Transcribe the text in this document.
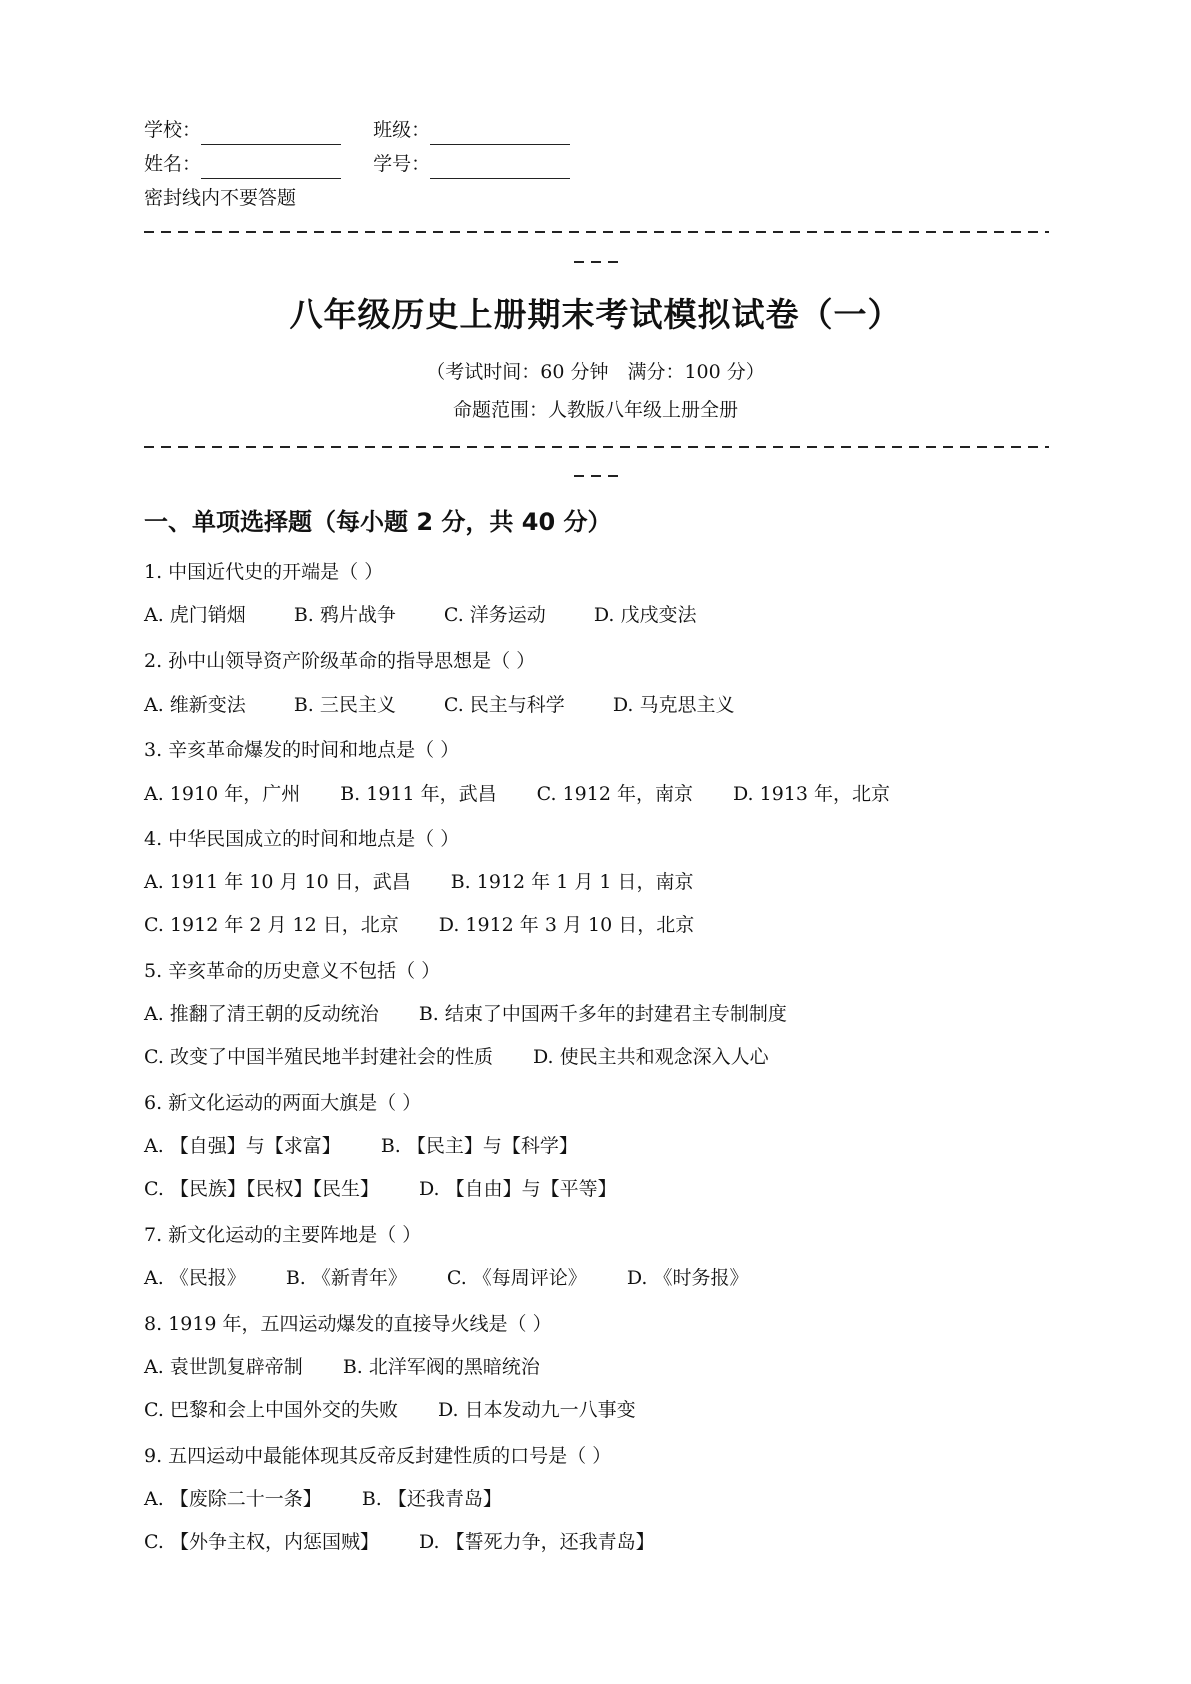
学校：	班级：
姓名：	学号：
密封线内不要答题
八年级历史上册期末考试模拟试卷（一）
（考试时间：60 分钟　满分：100 分）
命题范围：人教版八年级上册全册
一、单项选择题（每小题 2 分，共 40 分）
1. 中国近代史的开端是（ ）
A. 虎门销烟	B. 鸦片战争	C. 洋务运动	D. 戊戌变法
2. 孙中山领导资产阶级革命的指导思想是（ ）
A. 维新变法	B. 三民主义	C. 民主与科学	D. 马克思主义
3. 辛亥革命爆发的时间和地点是（ ）
A. 1910 年，广州 B. 1911 年，武昌 C. 1912 年，南京 D. 1913 年，北京
4. 中华民国成立的时间和地点是（ ）
A. 1911 年 10 月 10 日，武昌 B. 1912 年 1 月 1 日，南京
C. 1912 年 2 月 12 日，北京 D. 1912 年 3 月 10 日，北京
5. 辛亥革命的历史意义不包括（ ）
A. 推翻了清王朝的反动统治 B. 结束了中国两千多年的封建君主专制制度
C. 改变了中国半殖民地半封建社会的性质 D. 使民主共和观念深入人心
6. 新文化运动的两面大旗是（ ）
A. 【自强】与【求富】 B. 【民主】与【科学】
C. 【民族】【民权】【民生】 D. 【自由】与【平等】
7. 新文化运动的主要阵地是（ ）
A. 《民报》 B. 《新青年》 C. 《每周评论》 D. 《时务报》
8. 1919 年，五四运动爆发的直接导火线是（ ）
A. 袁世凯复辟帝制 B. 北洋军阀的黑暗统治
C. 巴黎和会上中国外交的失败 D. 日本发动九一八事变
9. 五四运动中最能体现其反帝反封建性质的口号是（ ）
A. 【废除二十一条】 B. 【还我青岛】
C. 【外争主权，内惩国贼】 D. 【誓死力争，还我青岛】
